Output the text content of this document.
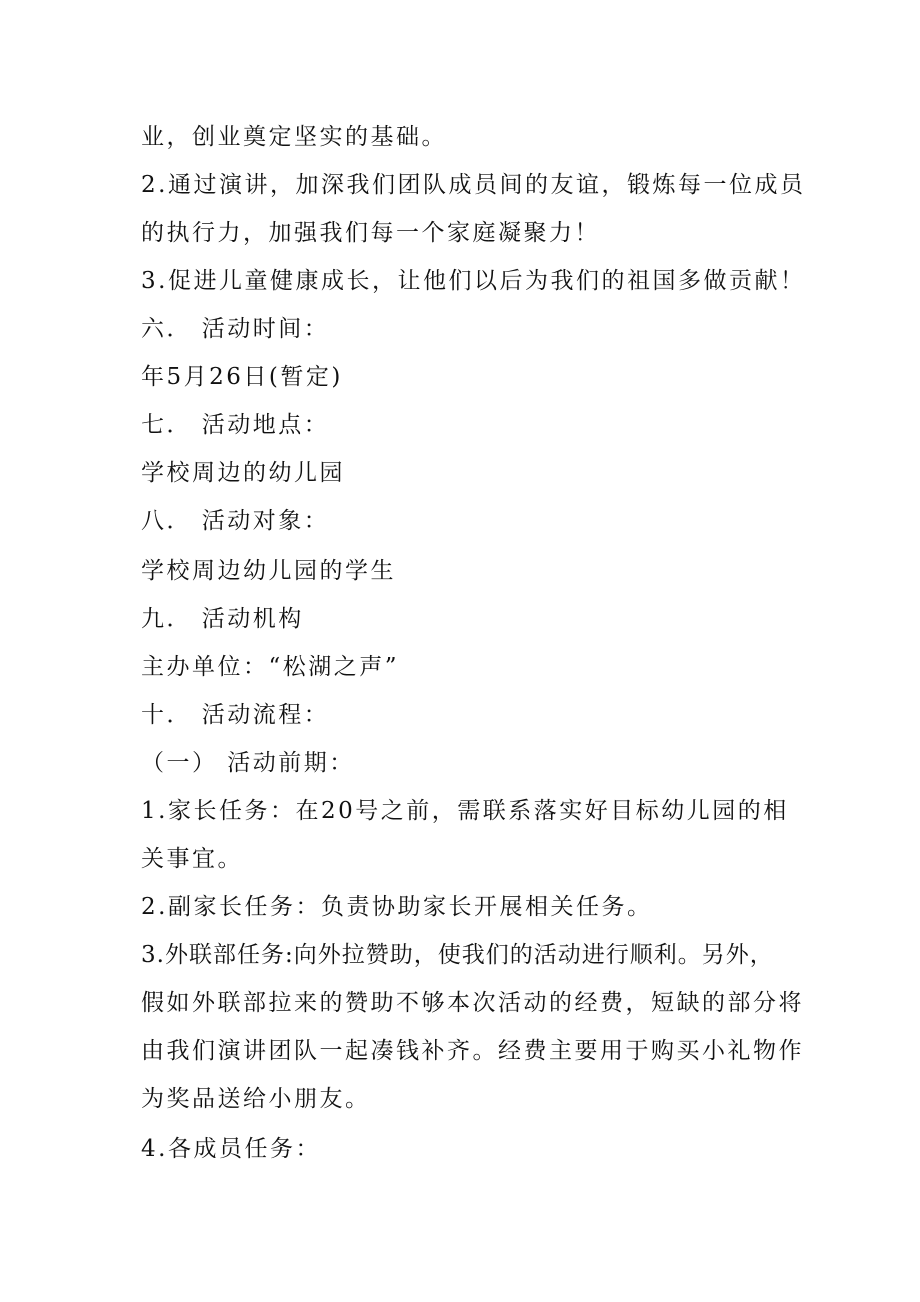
业，创业奠定坚实的基础。
2.通过演讲，加深我们团队成员间的友谊，锻炼每一位成员
的执行力，加强我们每一个家庭凝聚力！
3.促进儿童健康成长，让他们以后为我们的祖国多做贡献！
六． 活动时间：
年5月26日(暂定)
七． 活动地点：
学校周边的幼儿园
八． 活动对象：
学校周边幼儿园的学生
九． 活动机构
主办单位：“松湖之声”
十． 活动流程：
（一） 活动前期：
1.家长任务：在20号之前，需联系落实好目标幼儿园的相
关事宜。
2.副家长任务：负责协助家长开展相关任务。
3.外联部任务:向外拉赞助，使我们的活动进行顺利。另外，
假如外联部拉来的赞助不够本次活动的经费，短缺的部分将
由我们演讲团队一起凑钱补齐。经费主要用于购买小礼物作
为奖品送给小朋友。
4.各成员任务：
